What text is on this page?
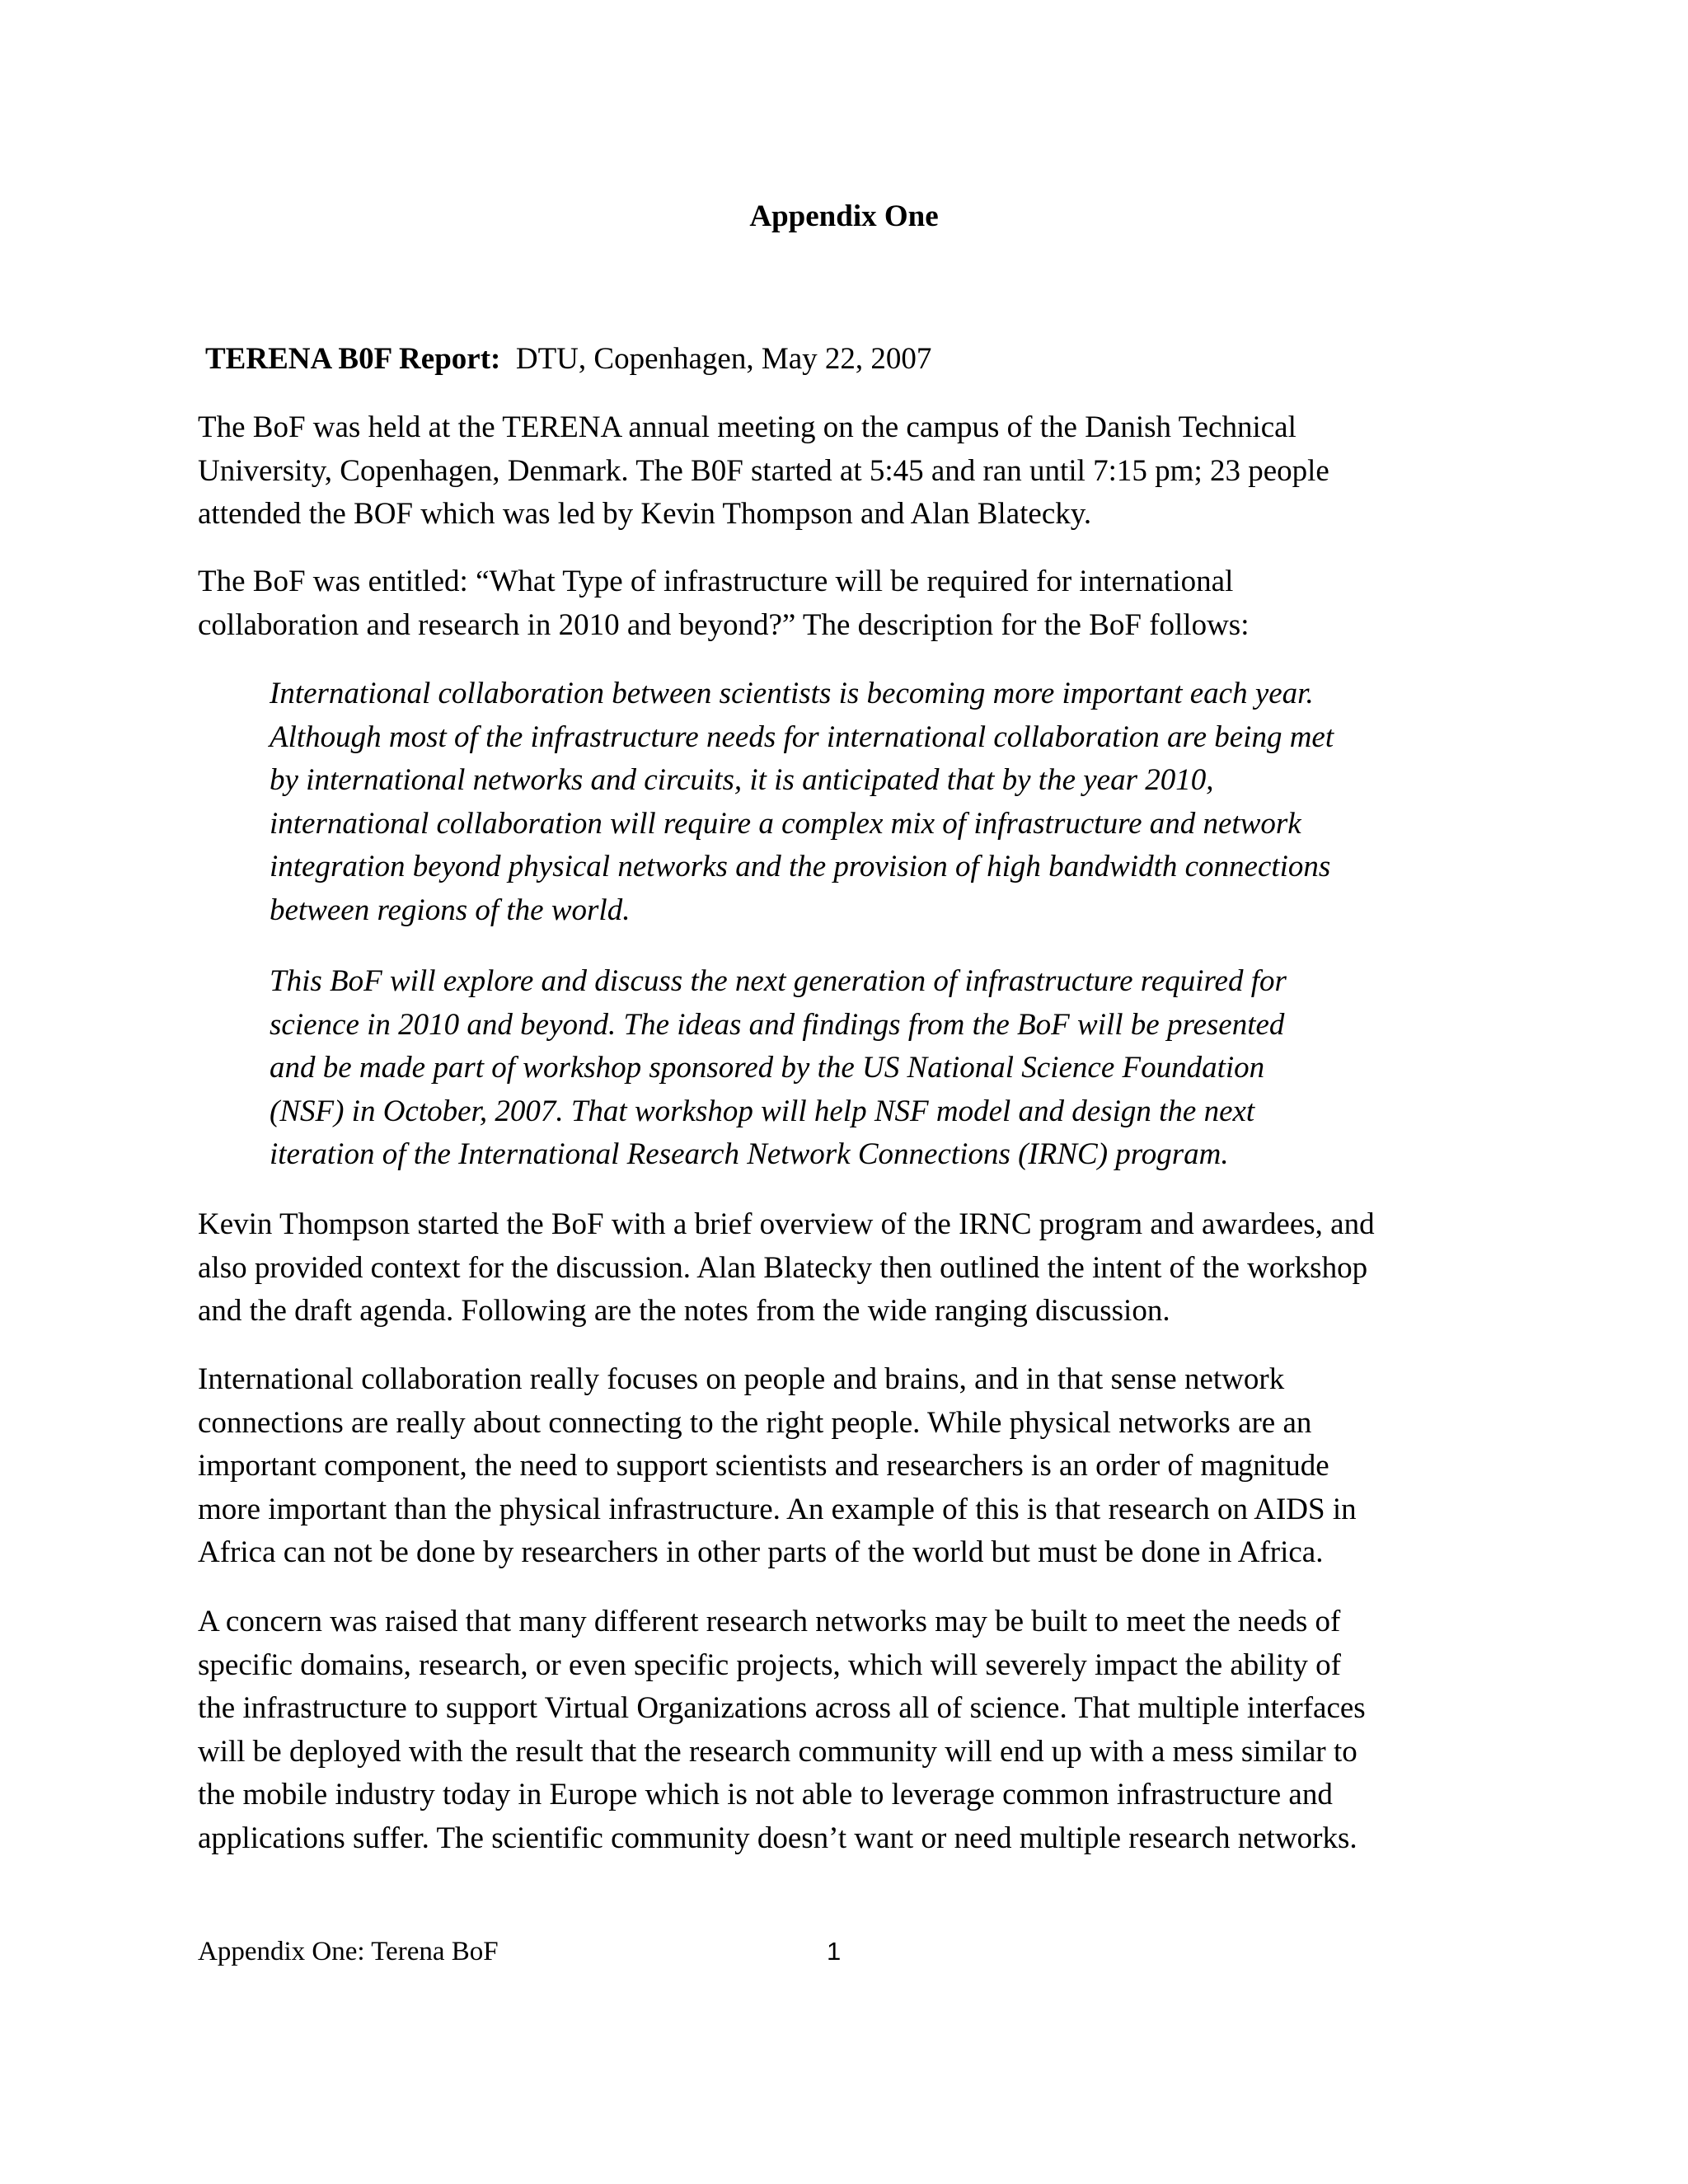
Appendix One

TERENA B0F Report: DTU, Copenhagen, May 22, 2007

The BoF was held at the TERENA annual meeting on the campus of the Danish Technical
University, Copenhagen, Denmark. The B0F started at 5:45 and ran until 7:15 pm; 23 people
attended the BOF which was led by Kevin Thompson and Alan Blatecky.

The BoF was entitled: “What Type of infrastructure will be required for international
collaboration and research in 2010 and beyond?” The description for the BoF follows:

International collaboration between scientists is becoming more important each year.
Although most of the infrastructure needs for international collaboration are being met
by international networks and circuits, it is anticipated that by the year 2010,
international collaboration will require a complex mix of infrastructure and network
integration beyond physical networks and the provision of high bandwidth connections
between regions of the world.

This BoF will explore and discuss the next generation of infrastructure required for
science in 2010 and beyond. The ideas and findings from the BoF will be presented
and be made part of workshop sponsored by the US National Science Foundation
(NSF) in October, 2007. That workshop will help NSF model and design the next
iteration of the International Research Network Connections (IRNC) program.

Kevin Thompson started the BoF with a brief overview of the IRNC program and awardees, and
also provided context for the discussion. Alan Blatecky then outlined the intent of the workshop
and the draft agenda. Following are the notes from the wide ranging discussion.

International collaboration really focuses on people and brains, and in that sense network
connections are really about connecting to the right people. While physical networks are an
important component, the need to support scientists and researchers is an order of magnitude
more important than the physical infrastructure. An example of this is that research on AIDS in
Africa can not be done by researchers in other parts of the world but must be done in Africa.

A concern was raised that many different research networks may be built to meet the needs of
specific domains, research, or even specific projects, which will severely impact the ability of
the infrastructure to support Virtual Organizations across all of science. That multiple interfaces
will be deployed with the result that the research community will end up with a mess similar to
the mobile industry today in Europe which is not able to leverage common infrastructure and
applications suffer. The scientific community doesn’t want or need multiple research networks.

Appendix One: Terena BoF	1
